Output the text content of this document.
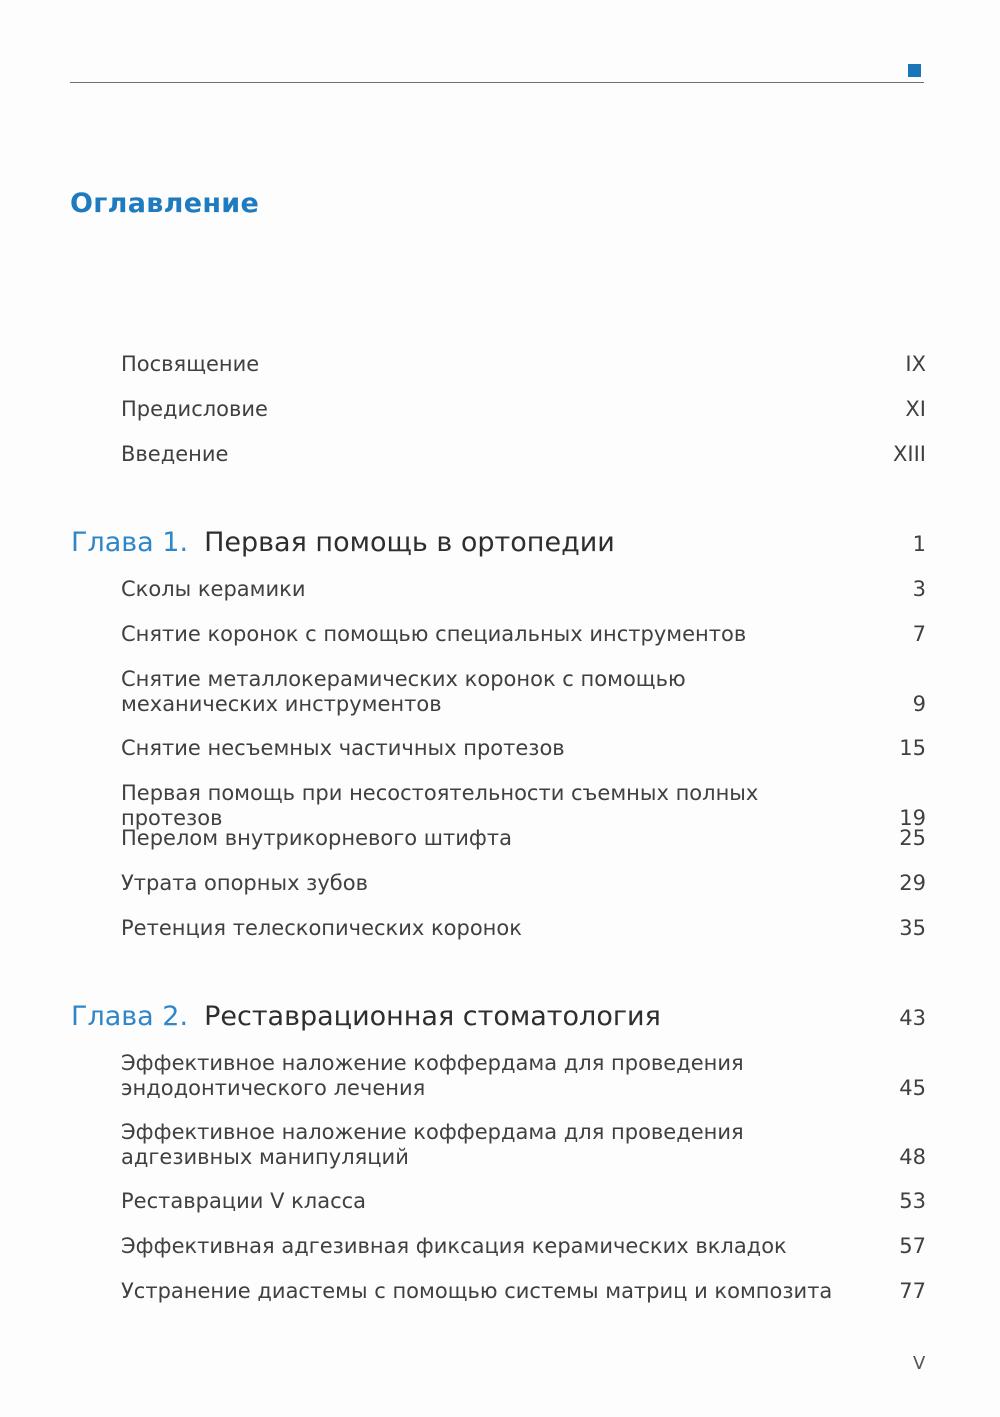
Оглавление
Посвящение	IX
Предисловие	XI
Введение	XIII
Глава 1. Первая помощь в ортопедии	1
Сколы керамики	3
Снятие коронок с помощью специальных инструментов	7
Снятие металлокерамических коронок с помощью механических инструментов	9
Снятие несъемных частичных протезов	15
Первая помощь при несостоятельности съемных полных протезов	19
Перелом внутрикорневого штифта	25
Утрата опорных зубов	29
Ретенция телескопических коронок	35
Глава 2. Реставрационная стоматология	43
Эффективное наложение коффердама для проведения эндодонтического лечения	45
Эффективное наложение коффердама для проведения адгезивных манипуляций	48
Реставрации V класса	53
Эффективная адгезивная фиксация керамических вкладок	57
Устранение диастемы с помощью системы матриц и композита	77
V
